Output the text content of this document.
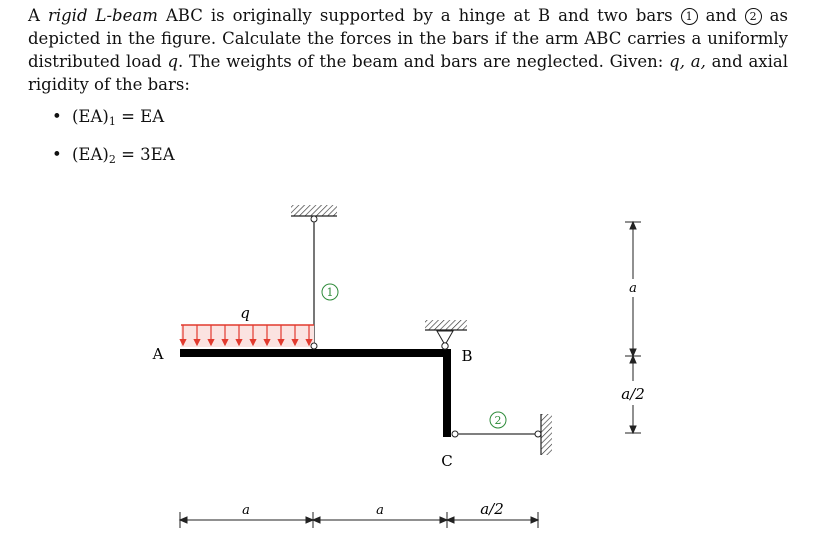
A rigid L-beam ABC is originally supported by a hinge at B and two bars 1 and 2 as depicted in the figure. Calculate the forces in the bars if the arm ABC carries a uniformly distributed load q. The weights of the beam and bars are neglected. Given: q, a, and axial rigidity of the bars:
• $(EA)_1$ = EA
• $(EA)_2 = 3EA$
1
q
A	B
C
2
a	a	a/2
a
a/2
